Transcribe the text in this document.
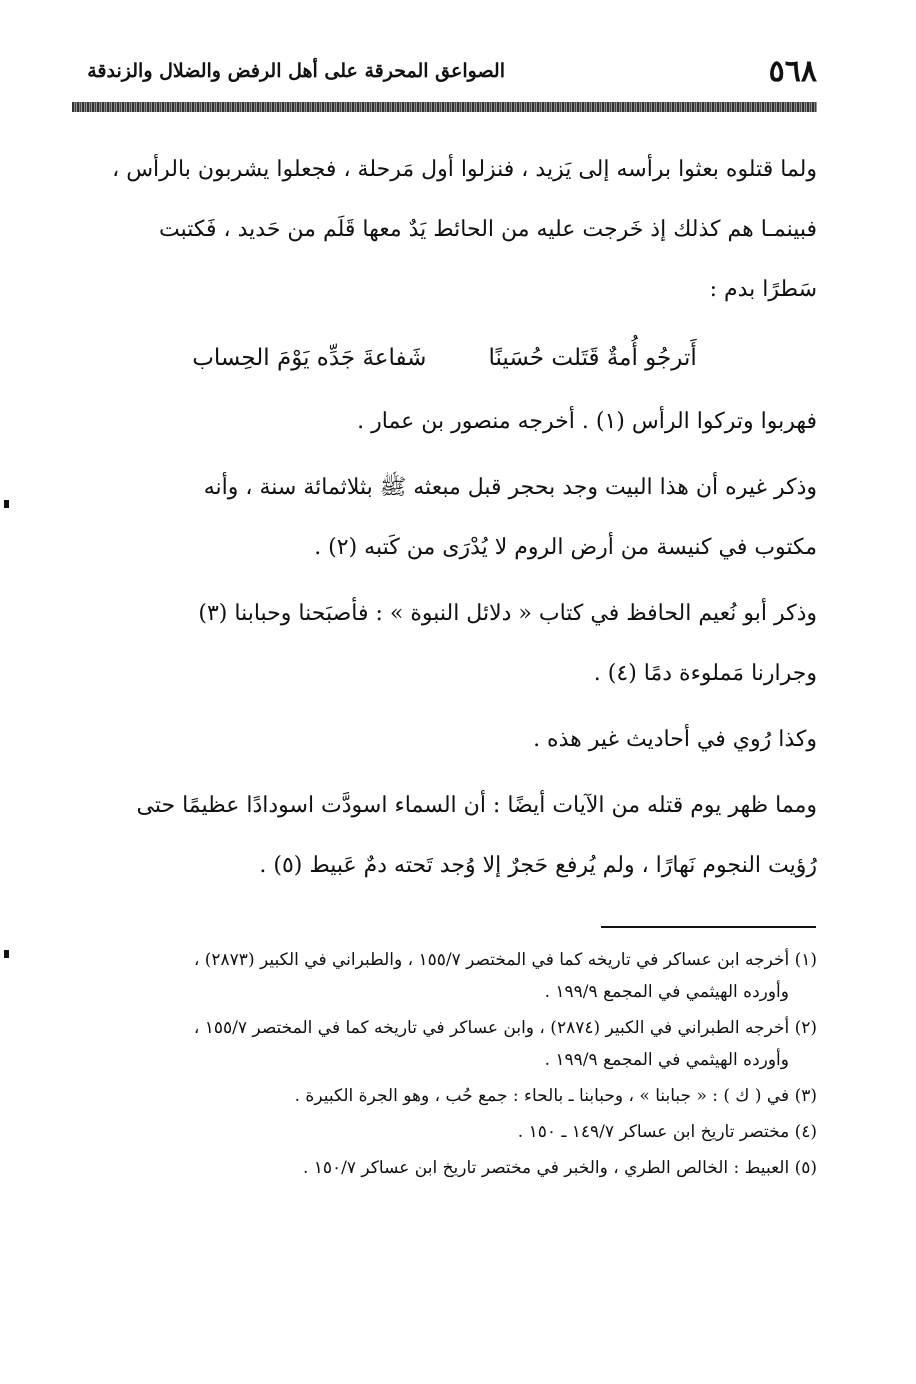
٥٦٨
الصواعق المحرقة على أهل الرفض والضلال والزندقة

ولما قتلوه بعثوا برأسه إلى يَزيد ، فنزلوا أول مَرحلة ، فجعلوا يشربون بالرأس ،
فبينمـا هم كذلك إذ خَرجت عليه من الحائط يَدٌ معها قَلَم من حَديد ، فَكتبت
سَطرًا بدم :

أَترجُو أُمةٌ قَتَلت حُسَينًا
شَفاعةَ جَدِّه يَوْمَ الحِساب

فهربوا وتركوا الرأس (١) . أخرجه منصور بن عمار .

وذكر غيره أن هذا البيت وجد بحجر قبل مبعثه ﷺ بثلاثمائة سنة ، وأنه
مكتوب في كنيسة من أرض الروم لا يُدْرَى من كَتبه (٢) .

وذكر أبو نُعيم الحافظ في كتاب « دلائل النبوة » : فأصبَحنا وحبابنا (٣)
وجرارنا مَملوءة دمًا (٤) .

وكذا رُوي في أحاديث غير هذه .

ومما ظهر يوم قتله من الآيات أيضًا : أن السماء اسودَّت اسودادًا عظيمًا حتى
رُؤيت النجوم نَهارًا ، ولم يُرفع حَجرٌ إلا وُجد تَحته دمٌ عَبيط (٥) .

(١) أخرجه ابن عساكر في تاريخه كما في المختصر ١٥٥/٧ ، والطبراني في الكبير (٢٨٧٣) ،
وأورده الهيثمي في المجمع ١٩٩/٩ .

(٢) أخرجه الطبراني في الكبير (٢٨٧٤) ، وابن عساكر في تاريخه كما في المختصر ١٥٥/٧ ،
وأورده الهيثمي في المجمع ١٩٩/٩ .

(٣) في ( ك ) : « جبابنا » ، وحبابنا ـ بالحاء : جمع حُب ، وهو الجرة الكبيرة .

(٤) مختصر تاريخ ابن عساكر ١٤٩/٧ ـ ١٥٠ .

(٥) العبيط : الخالص الطري ، والخبر في مختصر تاريخ ابن عساكر ١٥٠/٧ .
